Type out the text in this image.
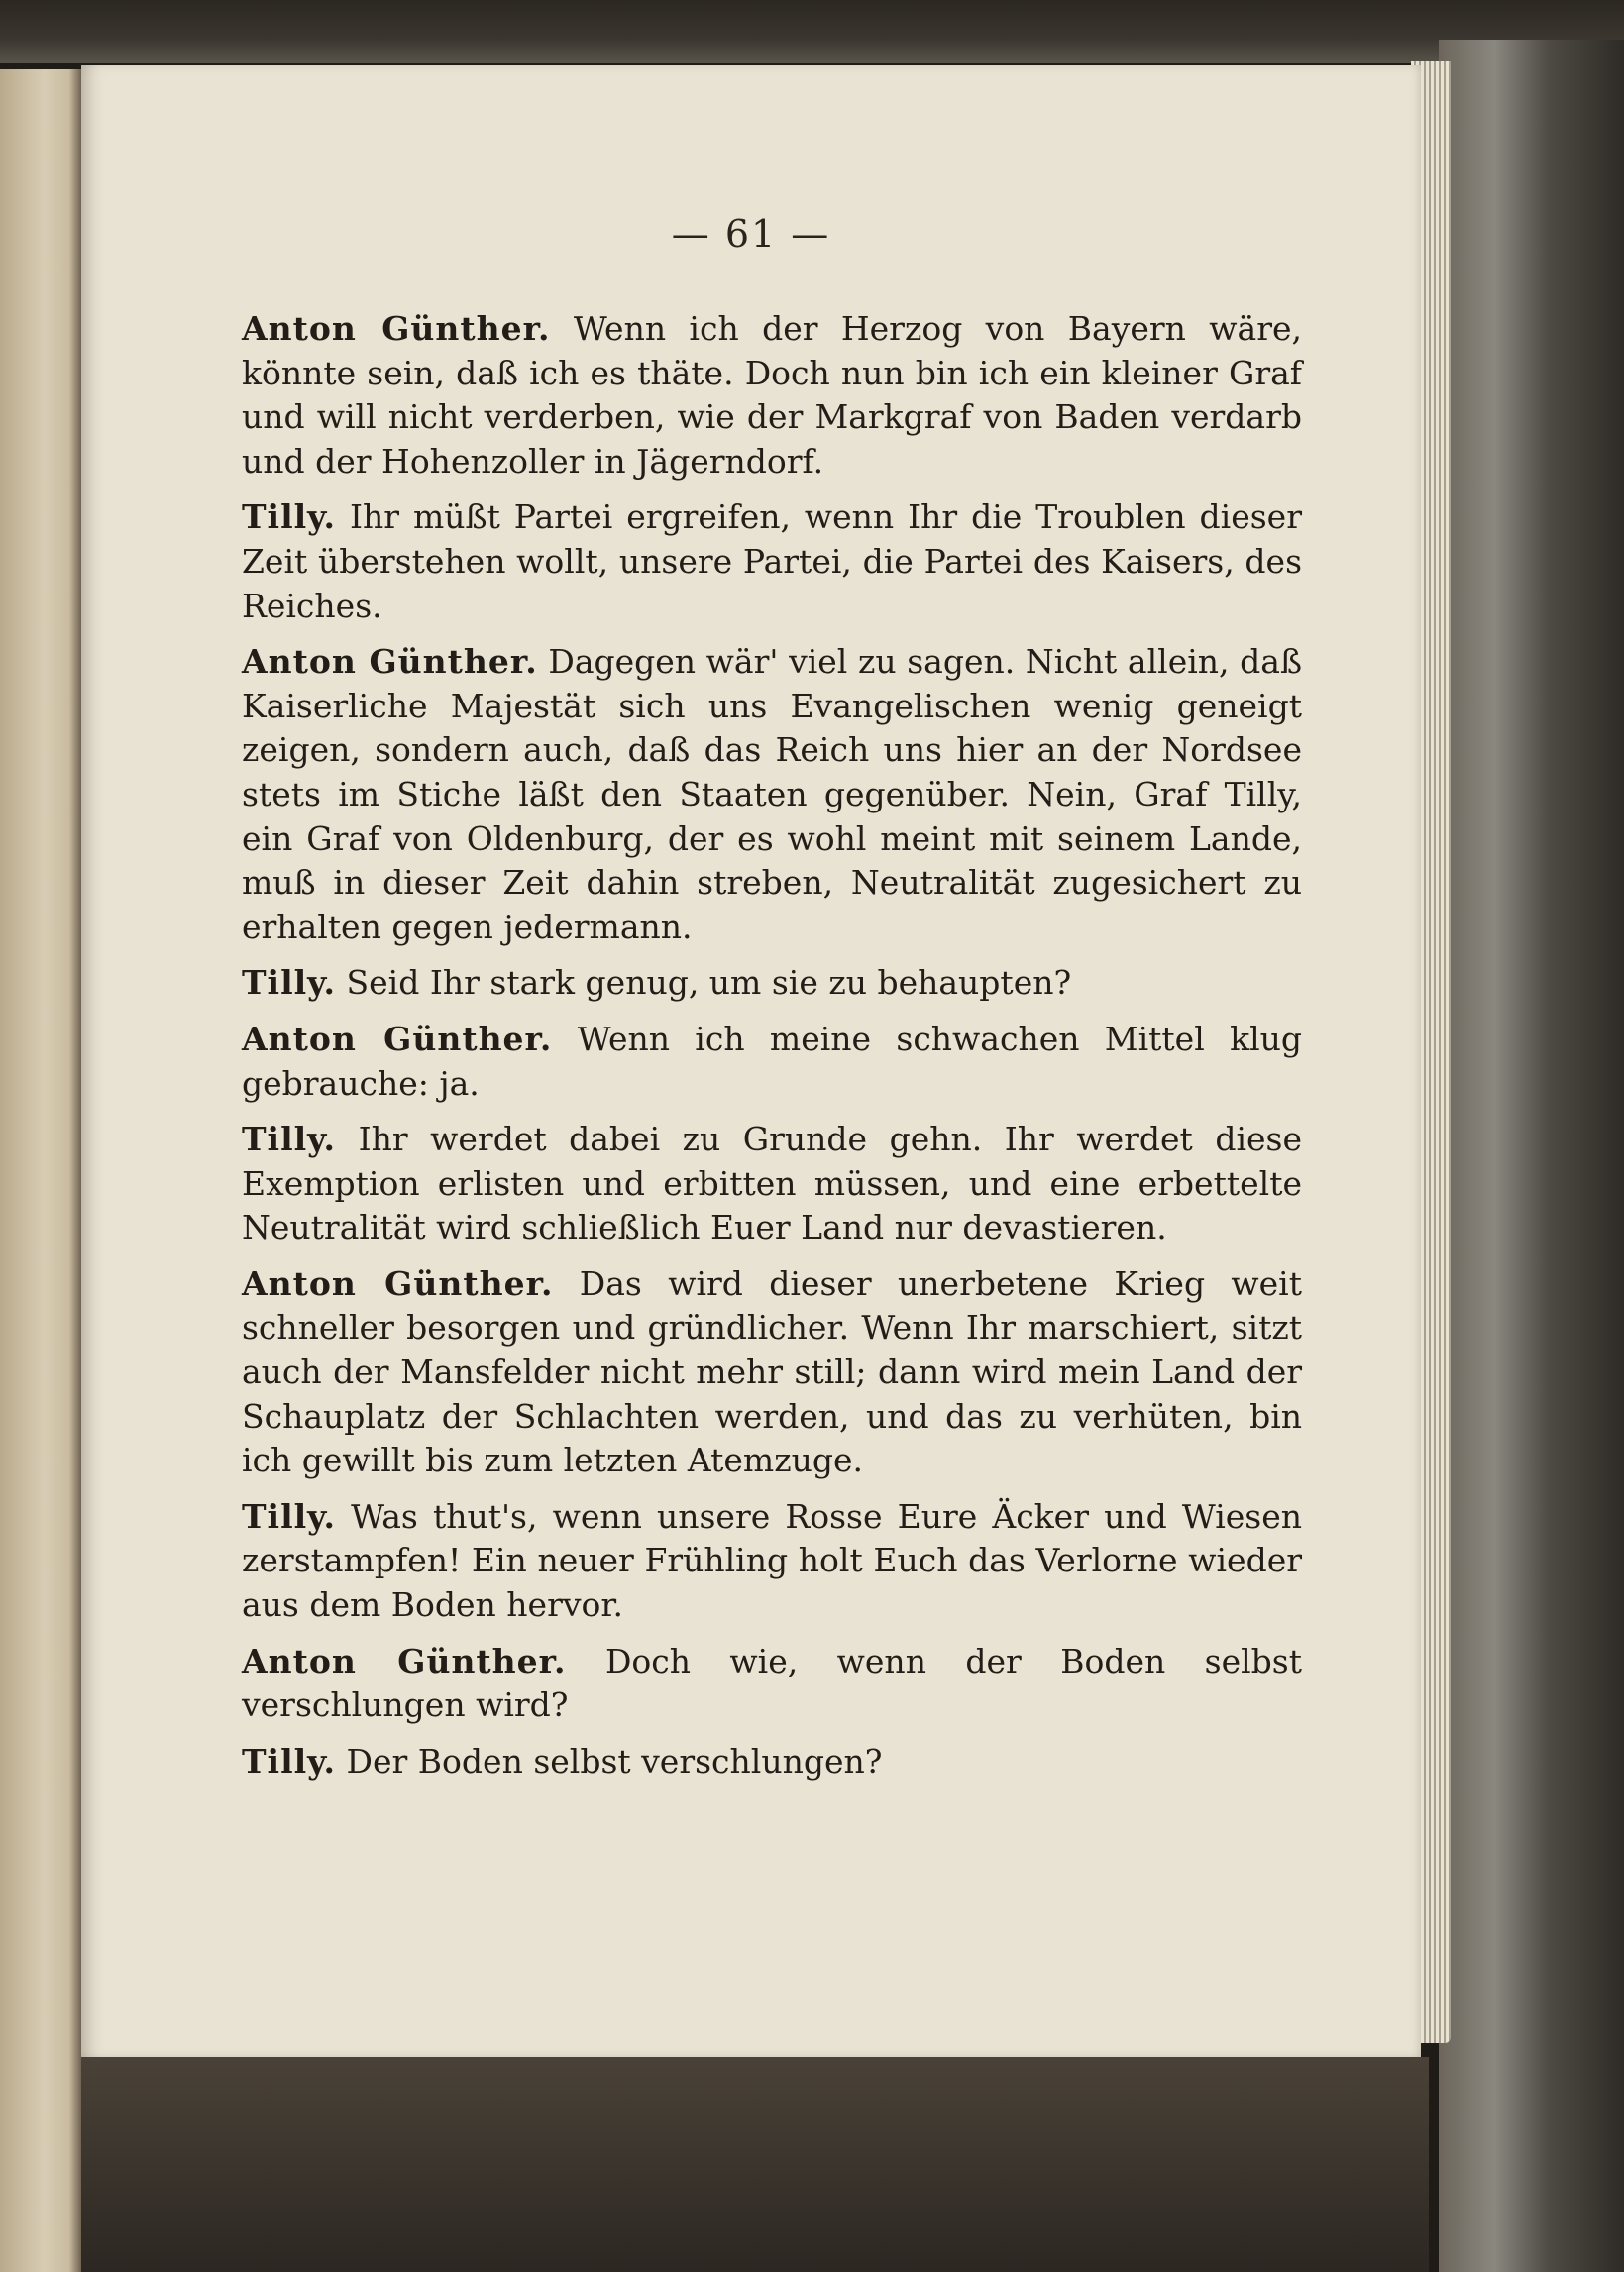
— 61 —

Anton Günther. Wenn ich der Herzog von Bayern wäre, könnte sein, daß ich es thäte. Doch nun bin ich ein kleiner Graf und will nicht verderben, wie der Markgraf von Baden verdarb und der Hohenzoller in Jägerndorf.

Tilly. Ihr müßt Partei ergreifen, wenn Ihr die Troublen dieser Zeit überstehen wollt, unsere Partei, die Partei des Kaisers, des Reiches.

Anton Günther. Dagegen wär' viel zu sagen. Nicht allein, daß Kaiserliche Majestät sich uns Evangelischen wenig geneigt zeigen, sondern auch, daß das Reich uns hier an der Nordsee stets im Stiche läßt den Staaten gegenüber. Nein, Graf Tilly, ein Graf von Oldenburg, der es wohl meint mit seinem Lande, muß in dieser Zeit dahin streben, Neutralität zugesichert zu erhalten gegen jedermann.

Tilly. Seid Ihr stark genug, um sie zu behaupten?

Anton Günther. Wenn ich meine schwachen Mittel klug gebrauche: ja.

Tilly. Ihr werdet dabei zu Grunde gehn. Ihr werdet diese Exemption erlisten und erbitten müssen, und eine erbettelte Neutralität wird schließlich Euer Land nur devastieren.

Anton Günther. Das wird dieser unerbetene Krieg weit schneller besorgen und gründlicher. Wenn Ihr marschiert, sitzt auch der Mansfelder nicht mehr still; dann wird mein Land der Schauplatz der Schlachten werden, und das zu verhüten, bin ich gewillt bis zum letzten Atemzuge.

Tilly. Was thut's, wenn unsere Rosse Eure Äcker und Wiesen zerstampfen! Ein neuer Frühling holt Euch das Verlorne wieder aus dem Boden hervor.

Anton Günther. Doch wie, wenn der Boden selbst verschlungen wird?

Tilly. Der Boden selbst verschlungen?
